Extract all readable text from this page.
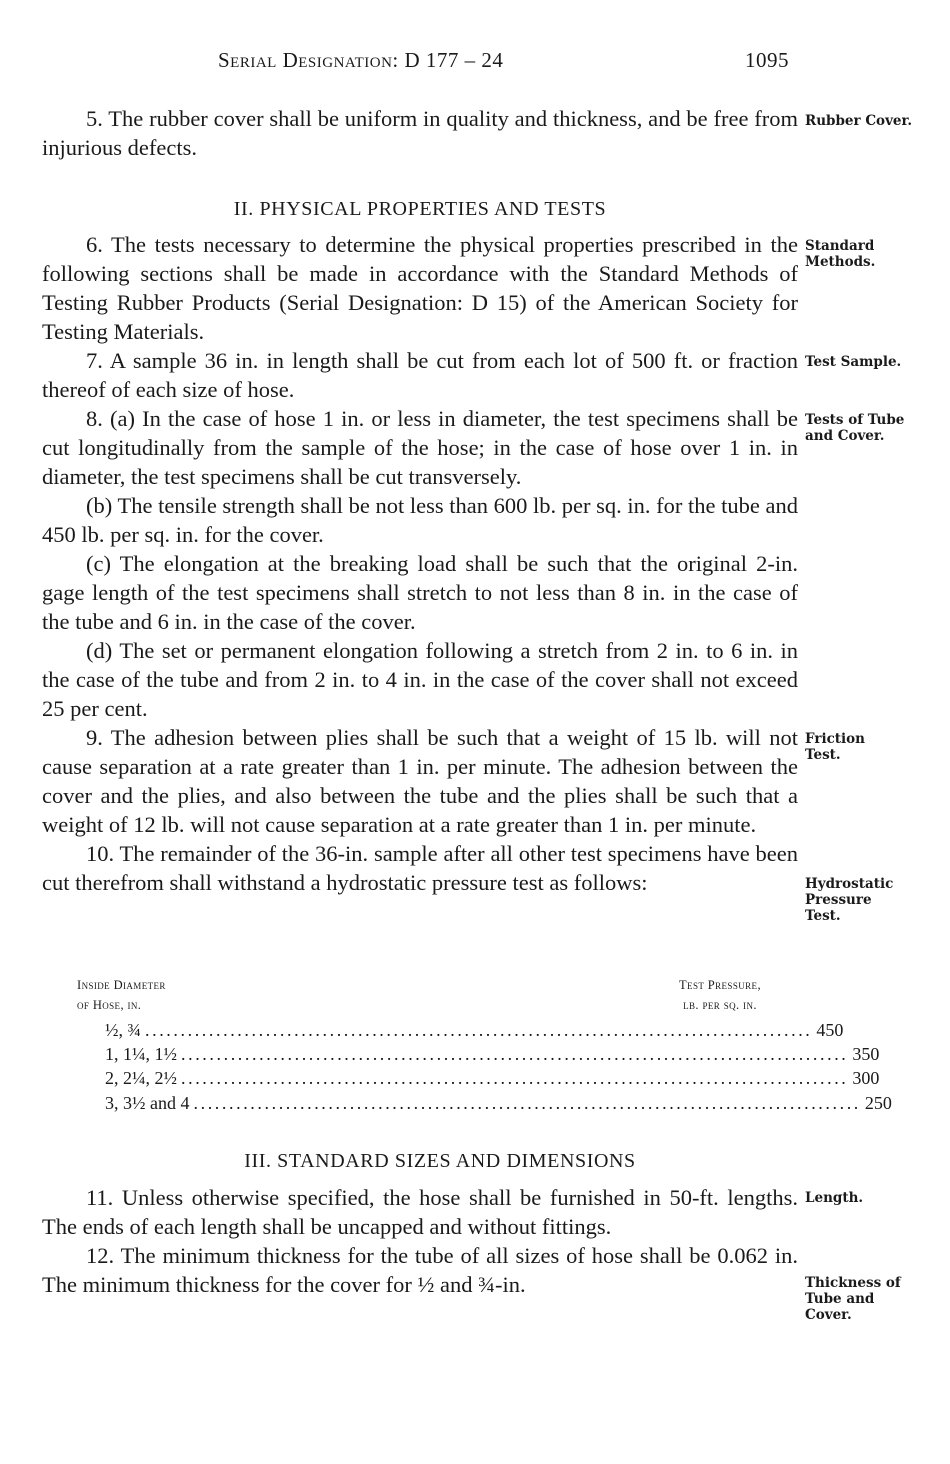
Serial Designation: D 177 – 24	1095

5. The rubber cover shall be uniform in quality and thickness, and be free from injurious defects.

Rubber Cover.
II. PHYSICAL PROPERTIES AND TESTS

6. The tests necessary to determine the physical properties prescribed in the following sections shall be made in accordance with the Standard Methods of Testing Rubber Products (Serial Designation: D 15) of the American Society for Testing Materials.

7. A sample 36 in. in length shall be cut from each lot of 500 ft. or fraction thereof of each size of hose.

8. (a) In the case of hose 1 in. or less in diameter, the test specimens shall be cut longitudinally from the sample of the hose; in the case of hose over 1 in. in diameter, the test specimens shall be cut transversely.

(b) The tensile strength shall be not less than 600 lb. per sq. in. for the tube and 450 lb. per sq. in. for the cover.

(c) The elongation at the breaking load shall be such that the original 2-in. gage length of the test specimens shall stretch to not less than 8 in. in the case of the tube and 6 in. in the case of the cover.

(d) The set or permanent elongation following a stretch from 2 in. to 6 in. in the case of the tube and from 2 in. to 4 in. in the case of the cover shall not exceed 25 per cent.

9. The adhesion between plies shall be such that a weight of 15 lb. will not cause separation at a rate greater than 1 in. per minute. The adhesion between the cover and the plies, and also between the tube and the plies shall be such that a weight of 12 lb. will not cause separation at a rate greater than 1 in. per minute.

10. The remainder of the 36-in. sample after all other test specimens have been cut therefrom shall withstand a hydrostatic pressure test as follows:

Standard Methods.
Test Sample.
Tests of Tube and Cover.
Friction Test.
Hydrostatic Pressure Test.
Inside Diameter
of Hose, in.
Test Pressure,
lb. per sq. in.
½, ¾ .............................................................................................. 450
1, 1¼, 1½ .............................................................................................. 350
2, 2¼, 2½ .............................................................................................. 300
3, 3½ and 4 .............................................................................................. 250
III. STANDARD SIZES AND DIMENSIONS

11. Unless otherwise specified, the hose shall be furnished in 50-ft. lengths. The ends of each length shall be uncapped and without fittings.

12. The minimum thickness for the tube of all sizes of hose shall be 0.062 in. The minimum thickness for the cover for ½ and ¾-in.

Length.
Thickness of Tube and Cover.
